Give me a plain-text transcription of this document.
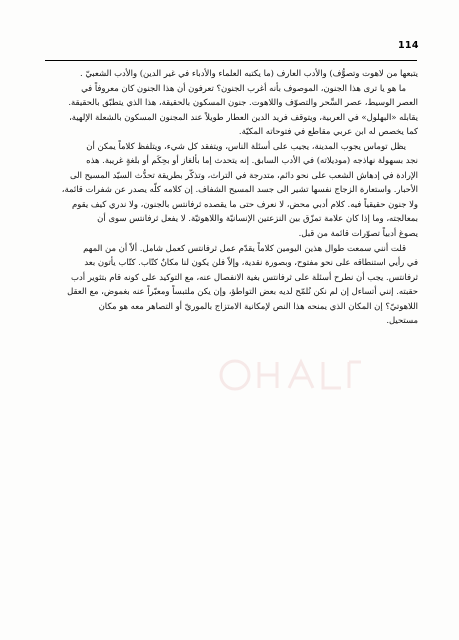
114

يتبعها من لاهوت وتصوُّف) والأدب العارف (ما يكتبه العلماء والأدباء في غير الدين) والأدب الشعبيّ .

ما هو يا ترى هذا الجنون، الموصوف بأنه أغرب الجنون؟ تعرفون أن هذا الجنون كان معروفاً في

العصر الوسيط، عصر السِّحر والتصوّف واللاهوت. جنون المسكون بالحقيقة، هذا الذي يتطبّق بالحقيقة.
يقابله «البهلول» في العربية، ويتوقف فريد الدين العطار طويلاً عند المجنون المسكون بالشعلة الإلهية،
كما يخصص له ابن عربي مقاطع في فتوحاته المكيّة.

يظل توماس يجوب المدينة، يجيب على أسئلة الناس، ويتفقد كل شيء، ويتلفظ كلاماً يمكن أن

نجد بسهولة نهاذجه (موديلاته) في الأدب السابق. إنه يتحدث إما بألغاز أو بحِكَم أو بلغةٍ غريبة. هذه
الإرادة في إدهاش الشعب على نحو دائم، متدرجة في التراث، وتذكّر بطريقة تحدُّث السيّد المسيح الى
الأحبار. واستعارة الزجاج نفسها تشير الى جسد المسيح الشفاف. إن كلامه كلّه يصدر عن شفرات قائمة،
ولا جنون حقيقياً فيه. كلام أدبي محض، لا نعرف حتى ما يقصده ثرفانتس بالجنون، ولا ندري كيف يقوم
بمعالجته، وما إذا كان علامة تمزّق بين النزعتين الإنسانيّة واللاهوتيّة. لا يفعل ثرفانتس سوى أن
يصوغ أدبياً تصوّرات قائمة من قبل.

قلت أنني سمعت طوال هذين اليومين كلاماً يقدّم عمل ثرفانتس كعمل شامل. ألاّ أن من المهم

في رأيي استنطاقه على نحو مفتوح، وبصورة نقدية، وإلاّ فلن يكون لنا مكانٌ كتّاب. كتّاب يأتون بعد
ثرفانتس. يجب أن نطرح أسئلة على ثرفانتس بغية الانفصال عنه، مع التوكيد على كونه قام بتثوير أدب
حقبته. إنني أتساءل إن لم نكن نُلمّح لديه بعض التواطؤ، وإن يكن ملتبساً ومعبّراً عنه بغموض، مع العقل
اللاهوتيّ؟ إن المكان الذي يمنحه هذا النص لإمكانية الامتزاج بالموريّ أو التصاهر معه هو مكان
مستحيل.
